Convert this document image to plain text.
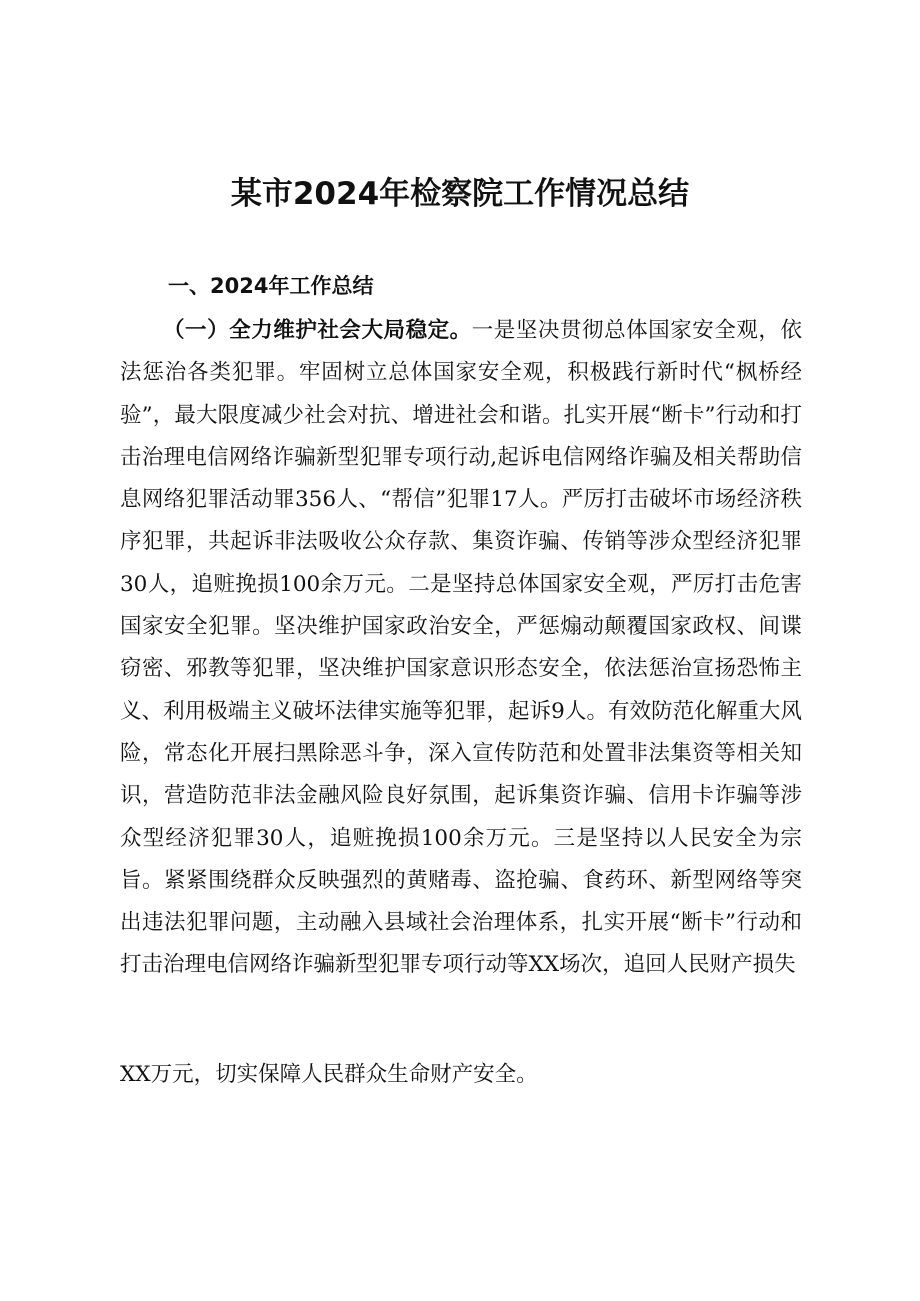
某市2024年检察院工作情况总结
一、2024年工作总结

（一）全力维护社会大局稳定。一是坚决贯彻总体国家安全观，依法惩治各类犯罪。牢固树立总体国家安全观，积极践行新时代“枫桥经验”，最大限度减少社会对抗、增进社会和谐。扎实开展“断卡”行动和打击治理电信网络诈骗新型犯罪专项行动,起诉电信网络诈骗及相关帮助信息网络犯罪活动罪356人、“帮信”犯罪17人。严厉打击破坏市场经济秩序犯罪，共起诉非法吸收公众存款、集资诈骗、传销等涉众型经济犯罪30人，追赃挽损100余万元。二是坚持总体国家安全观，严厉打击危害国家安全犯罪。坚决维护国家政治安全，严惩煽动颠覆国家政权、间谍窃密、邪教等犯罪，坚决维护国家意识形态安全，依法惩治宣扬恐怖主义、利用极端主义破坏法律实施等犯罪，起诉9人。有效防范化解重大风险，常态化开展扫黑除恶斗争，深入宣传防范和处置非法集资等相关知识，营造防范非法金融风险良好氛围，起诉集资诈骗、信用卡诈骗等涉众型经济犯罪30人，追赃挽损100余万元。三是坚持以人民安全为宗旨。紧紧围绕群众反映强烈的黄赌毒、盗抢骗、食药环、新型网络等突出违法犯罪问题，主动融入县域社会治理体系，扎实开展“断卡”行动和打击治理电信网络诈骗新型犯罪专项行动等XX场次，追回人民财产损失

XX万元，切实保障人民群众生命财产安全。
